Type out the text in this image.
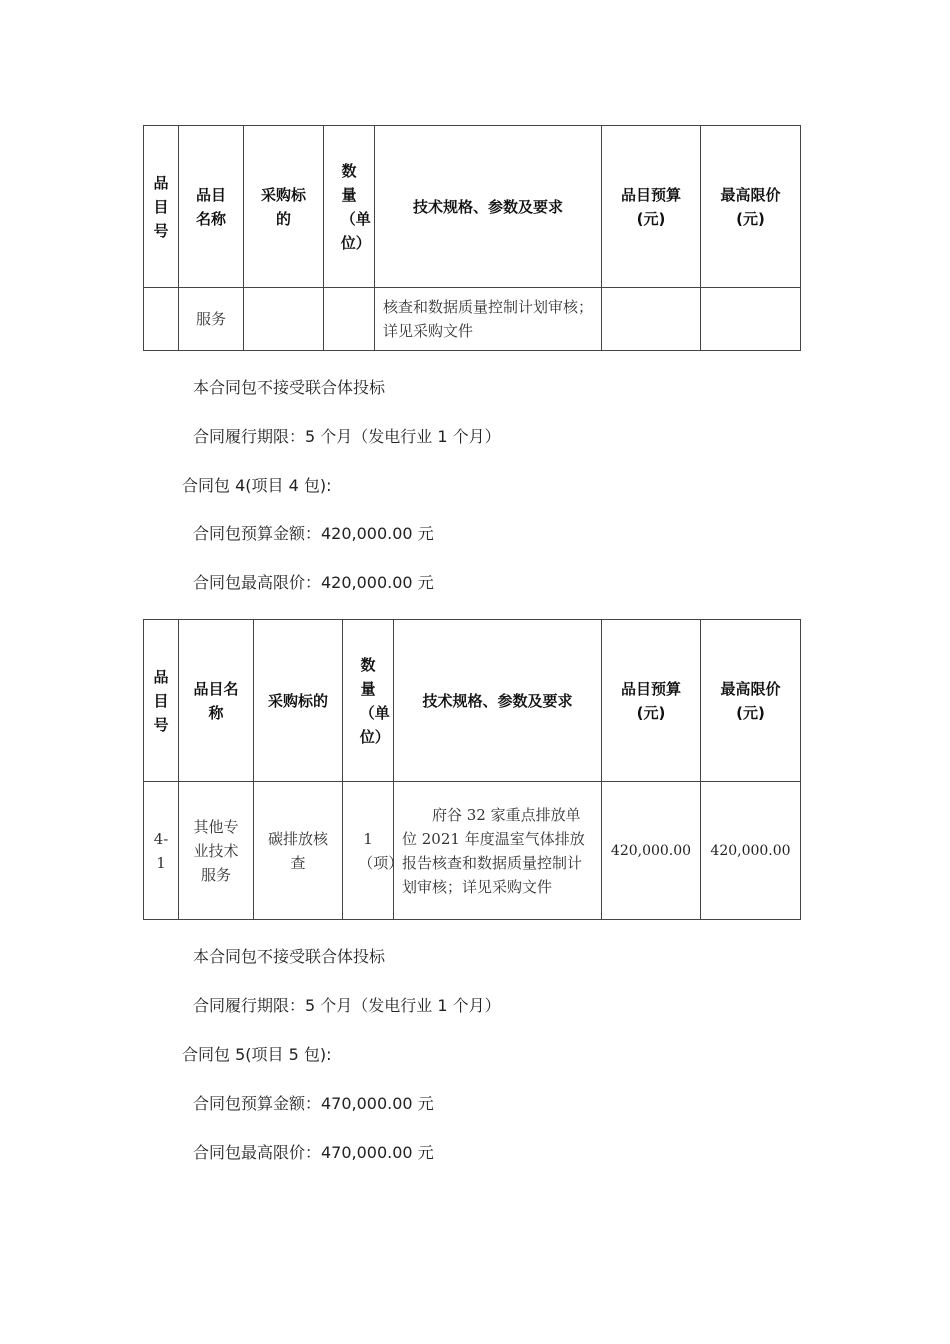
品目号	品目名称	采购标的	数量（单位）	技术规格、参数及要求	品目预算(元)	最高限价(元)

	服务			核查和数据质量控制计划审核；详见采购文件		
本合同包不接受联合体投标
合同履行期限：5 个月（发电行业 1 个月）
合同包 4(项目 4 包):
合同包预算金额：420,000.00 元
合同包最高限价：420,000.00 元
品目号	品目名称	采购标的	数量（单位）	技术规格、参数及要求	品目预算(元)	最高限价(元)

4-1	其他专业技术服务	碳排放核查	1（项）	府谷 32 家重点排放单位 2021 年度温室气体排放报告核查和数据质量控制计划审核；详见采购文件	420,000.00	420,000.00
本合同包不接受联合体投标
合同履行期限：5 个月（发电行业 1 个月）
合同包 5(项目 5 包):
合同包预算金额：470,000.00 元
合同包最高限价：470,000.00 元
